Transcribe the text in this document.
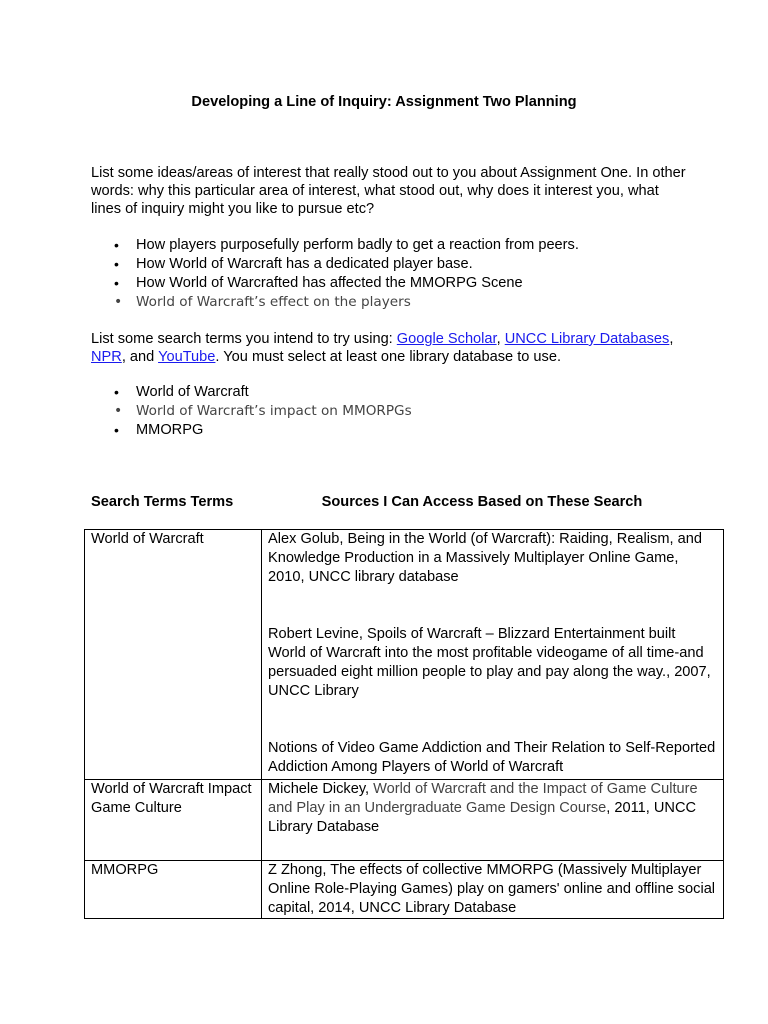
Developing a Line of Inquiry: Assignment Two Planning

List some ideas/areas of interest that really stood out to you about Assignment One. In other words: why this particular area of interest, what stood out, why does it interest you, what lines of inquiry might you like to pursue etc?

• How players purposefully perform badly to get a reaction from peers.
• How World of Warcraft has a dedicated player base.
• How World of Warcrafted has affected the MMORPG Scene
• World of Warcraft’s effect on the players

List some search terms you intend to try using: Google Scholar, UNCC Library Databases, NPR, and YouTube. You must select at least one library database to use.

• World of Warcraft
• World of Warcraft’s impact on MMORPGs
• MMORPG
Search Terms Terms	Sources I Can Access Based on These Search
World of Warcraft	Alex Golub, Being in the World (of Warcraft): Raiding, Realism, and Knowledge Production in a Massively Multiplayer Online Game, 2010, UNCC library database

Robert Levine, Spoils of Warcraft – Blizzard Entertainment built World of Warcraft into the most profitable videogame of all time-and persuaded eight million people to play and pay along the way., 2007, UNCC Library

Notions of Video Game Addiction and Their Relation to Self-Reported Addiction Among Players of World of Warcraft

World of Warcraft Impact Game Culture	Michele Dickey, World of Warcraft and the Impact of Game Culture and Play in an Undergraduate Game Design Course, 2011, UNCC Library Database
MMORPG	Z Zhong, The effects of collective MMORPG (Massively Multiplayer Online Role-Playing Games) play on gamers' online and offline social capital, 2014, UNCC Library Database
